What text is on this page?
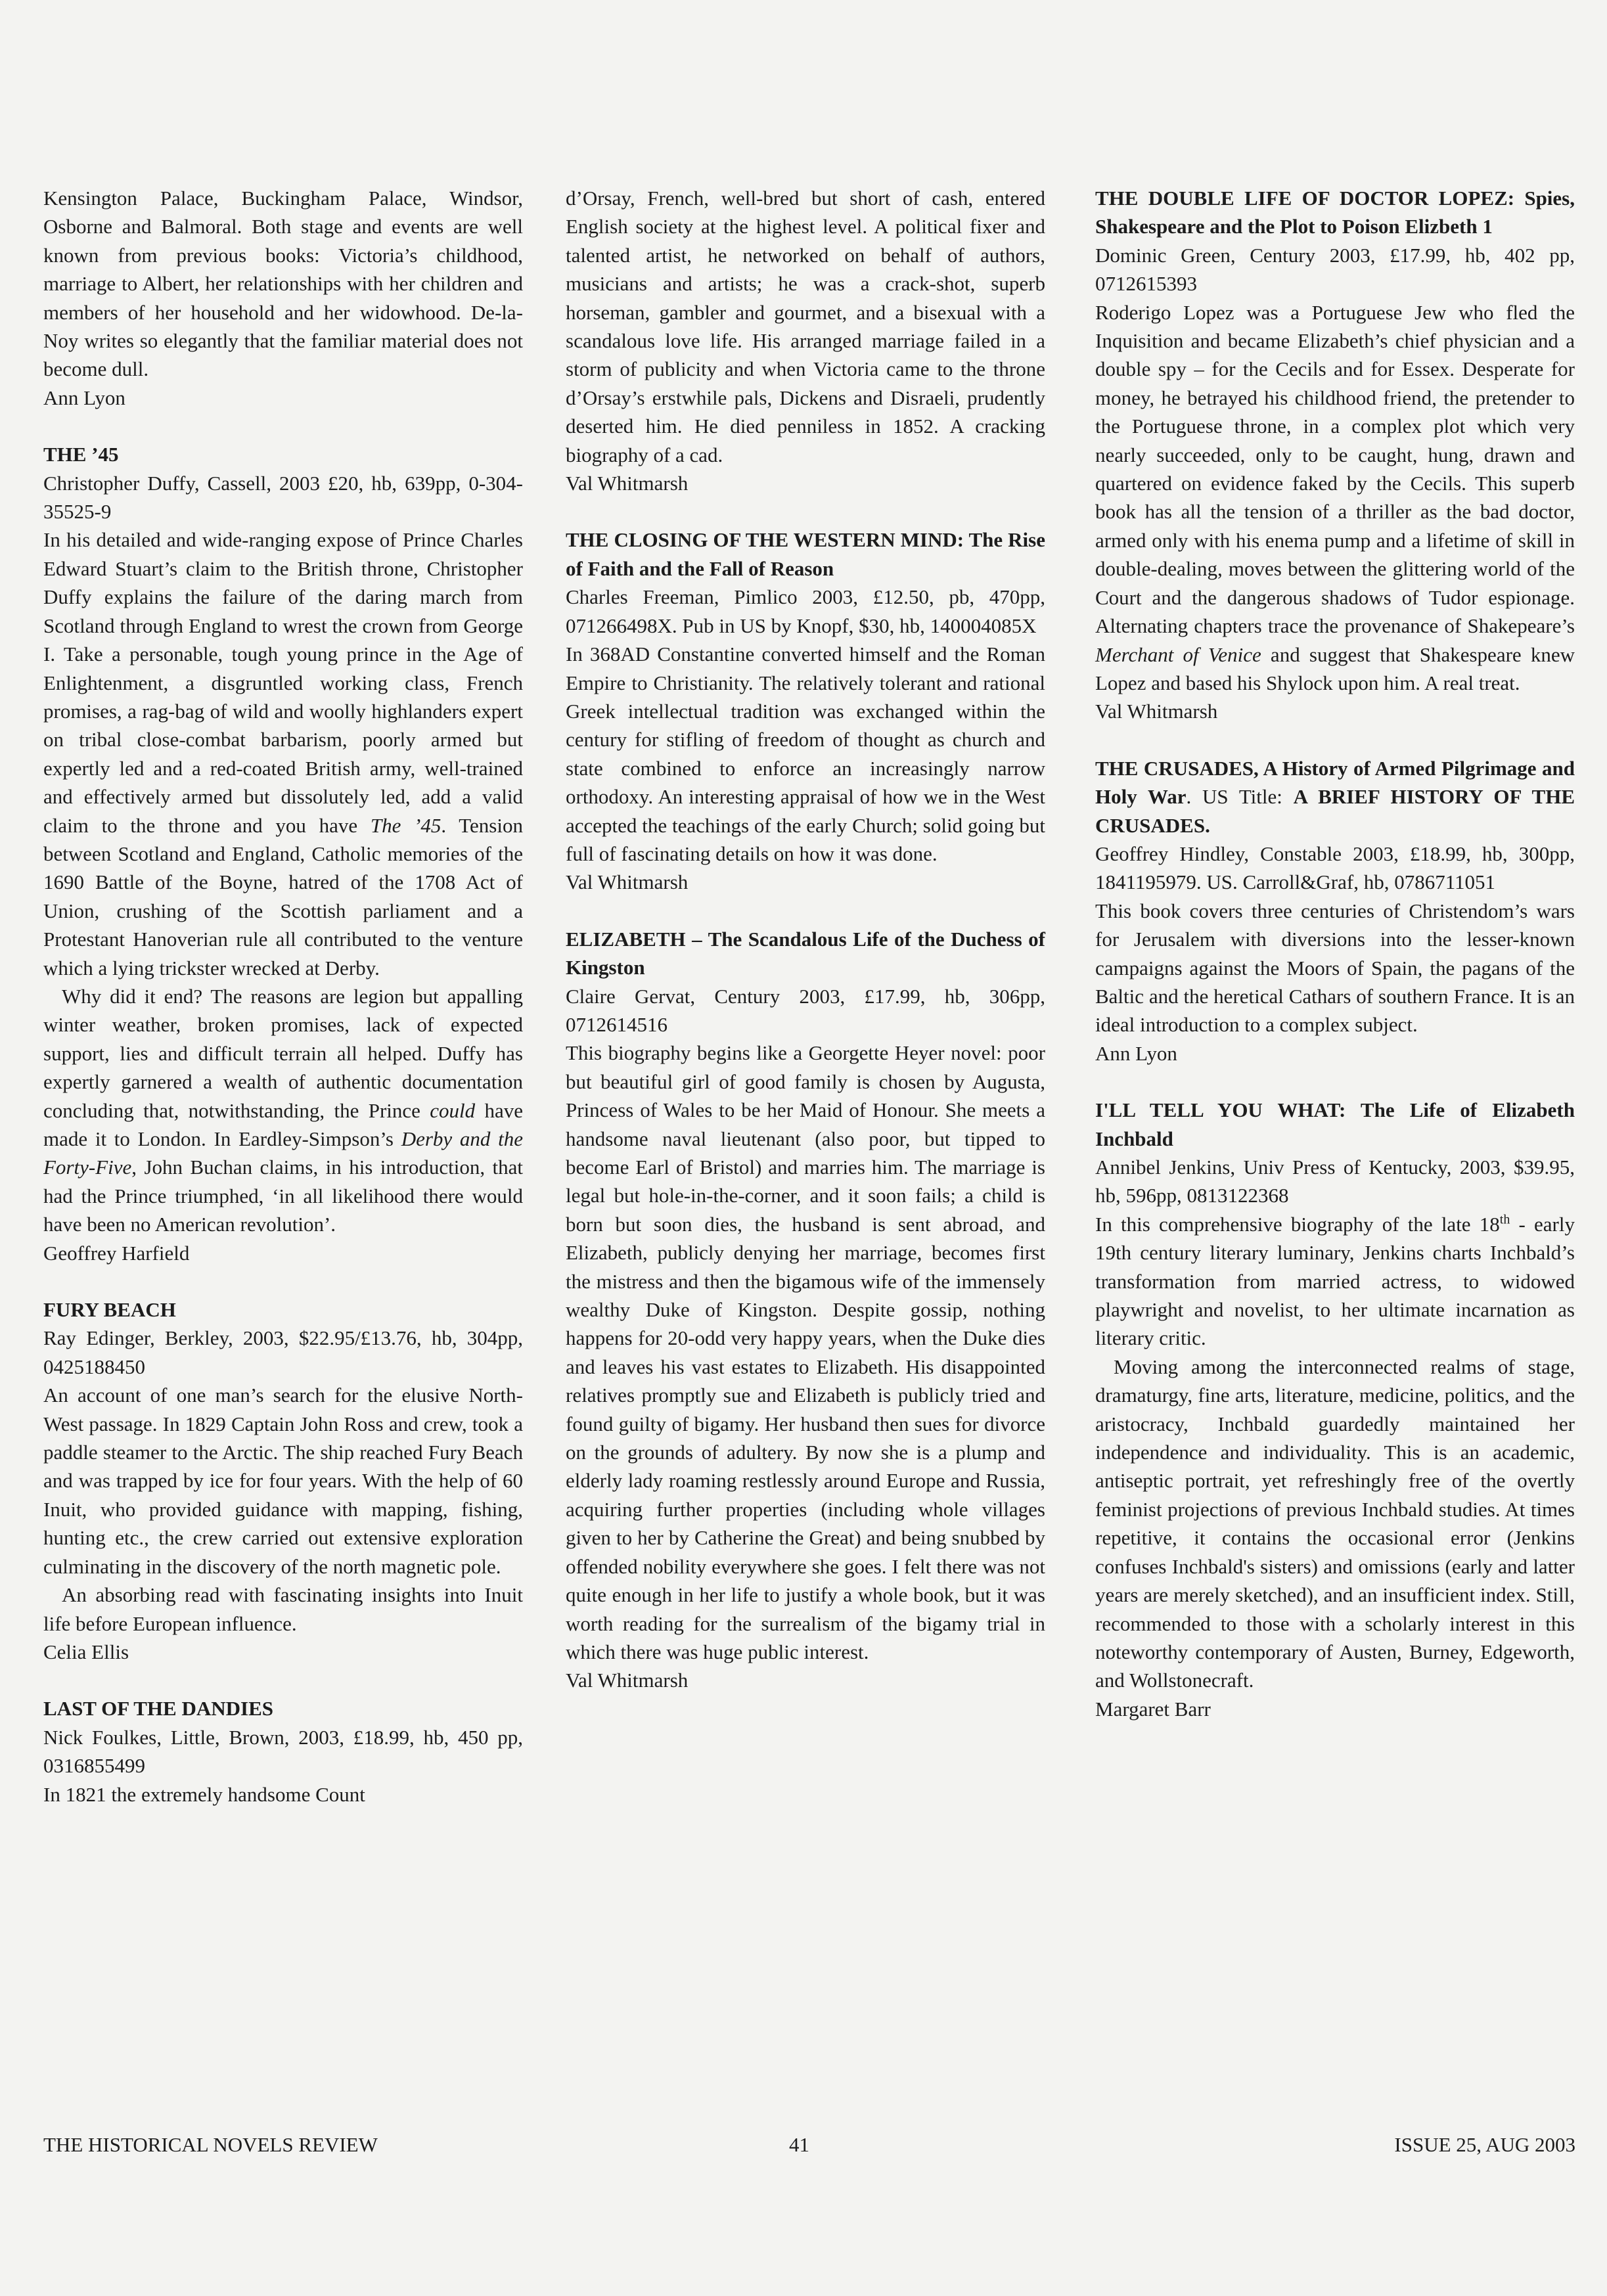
Kensington Palace, Buckingham Palace, Windsor, Osborne and Balmoral. Both stage and events are well known from previous books: Victoria’s childhood, marriage to Albert, her relationships with her children and members of her household and her widowhood. De-la-Noy writes so elegantly that the familiar material does not become dull.

Ann Lyon

THE ’45

Christopher Duffy, Cassell, 2003 £20, hb, 639pp, 0-304-35525-9

In his detailed and wide-ranging expose of Prince Charles Edward Stuart’s claim to the British throne, Christopher Duffy explains the failure of the daring march from Scotland through England to wrest the crown from George I. Take a personable, tough young prince in the Age of Enlightenment, a disgruntled working class, French promises, a rag-bag of wild and woolly highlanders expert on tribal close-combat barbarism, poorly armed but expertly led and a red-coated British army, well-trained and effectively armed but dissolutely led, add a valid claim to the throne and you have The ’45. Tension between Scotland and England, Catholic memories of the 1690 Battle of the Boyne, hatred of the 1708 Act of Union, crushing of the Scottish parliament and a Protestant Hanoverian rule all contributed to the venture which a lying trickster wrecked at Derby.

Why did it end? The reasons are legion but appalling winter weather, broken promises, lack of expected support, lies and difficult terrain all helped. Duffy has expertly garnered a wealth of authentic documentation concluding that, notwithstanding, the Prince could have made it to London. In Eardley-Simpson’s Derby and the Forty-Five, John Buchan claims, in his introduction, that had the Prince triumphed, ‘in all likelihood there would have been no American revolution’.

Geoffrey Harfield

FURY BEACH

Ray Edinger, Berkley, 2003, $22.95/£13.76, hb, 304pp, 0425188450

An account of one man’s search for the elusive North-West passage. In 1829 Captain John Ross and crew, took a paddle steamer to the Arctic. The ship reached Fury Beach and was trapped by ice for four years. With the help of 60 Inuit, who provided guidance with mapping, fishing, hunting etc., the crew carried out extensive exploration culminating in the discovery of the north magnetic pole.

An absorbing read with fascinating insights into Inuit life before European influence.

Celia Ellis

LAST OF THE DANDIES

Nick Foulkes, Little, Brown, 2003, £18.99, hb, 450 pp, 0316855499

In 1821 the extremely handsome Count

d’Orsay, French, well-bred but short of cash, entered English society at the highest level. A political fixer and talented artist, he networked on behalf of authors, musicians and artists; he was a crack-shot, superb horseman, gambler and gourmet, and a bisexual with a scandalous love life. His arranged marriage failed in a storm of publicity and when Victoria came to the throne d’Orsay’s erstwhile pals, Dickens and Disraeli, prudently deserted him. He died penniless in 1852. A cracking biography of a cad.

Val Whitmarsh

THE CLOSING OF THE WESTERN MIND: The Rise of Faith and the Fall of Reason

Charles Freeman, Pimlico 2003, £12.50, pb, 470pp, 071266498X. Pub in US by Knopf, $30, hb, 140004085X

In 368AD Constantine converted himself and the Roman Empire to Christianity. The relatively tolerant and rational Greek intellectual tradition was exchanged within the century for stifling of freedom of thought as church and state combined to enforce an increasingly narrow orthodoxy. An interesting appraisal of how we in the West accepted the teachings of the early Church; solid going but full of fascinating details on how it was done.

Val Whitmarsh

ELIZABETH – The Scandalous Life of the Duchess of Kingston

Claire Gervat, Century 2003, £17.99, hb, 306pp, 0712614516

This biography begins like a Georgette Heyer novel: poor but beautiful girl of good family is chosen by Augusta, Princess of Wales to be her Maid of Honour. She meets a handsome naval lieutenant (also poor, but tipped to become Earl of Bristol) and marries him. The marriage is legal but hole-in-the-corner, and it soon fails; a child is born but soon dies, the husband is sent abroad, and Elizabeth, publicly denying her marriage, becomes first the mistress and then the bigamous wife of the immensely wealthy Duke of Kingston. Despite gossip, nothing happens for 20-odd very happy years, when the Duke dies and leaves his vast estates to Elizabeth. His disappointed relatives promptly sue and Elizabeth is publicly tried and found guilty of bigamy. Her husband then sues for divorce on the grounds of adultery. By now she is a plump and elderly lady roaming restlessly around Europe and Russia, acquiring further properties (including whole villages given to her by Catherine the Great) and being snubbed by offended nobility everywhere she goes. I felt there was not quite enough in her life to justify a whole book, but it was worth reading for the surrealism of the bigamy trial in which there was huge public interest.

Val Whitmarsh

THE DOUBLE LIFE OF DOCTOR LOPEZ: Spies, Shakespeare and the Plot to Poison Elizbeth 1

Dominic Green, Century 2003, £17.99, hb, 402 pp, 0712615393

Roderigo Lopez was a Portuguese Jew who fled the Inquisition and became Elizabeth’s chief physician and a double spy – for the Cecils and for Essex. Desperate for money, he betrayed his childhood friend, the pretender to the Portuguese throne, in a complex plot which very nearly succeeded, only to be caught, hung, drawn and quartered on evidence faked by the Cecils. This superb book has all the tension of a thriller as the bad doctor, armed only with his enema pump and a lifetime of skill in double-dealing, moves between the glittering world of the Court and the dangerous shadows of Tudor espionage. Alternating chapters trace the provenance of Shakepeare’s Merchant of Venice and suggest that Shakespeare knew Lopez and based his Shylock upon him. A real treat.

Val Whitmarsh

THE CRUSADES, A History of Armed Pilgrimage and Holy War. US Title: A BRIEF HISTORY OF THE CRUSADES.

Geoffrey Hindley, Constable 2003, £18.99, hb, 300pp, 1841195979. US. Carroll&Graf, hb, 0786711051

This book covers three centuries of Christendom’s wars for Jerusalem with diversions into the lesser-known campaigns against the Moors of Spain, the pagans of the Baltic and the heretical Cathars of southern France. It is an ideal introduction to a complex subject.

Ann Lyon

I'LL TELL YOU WHAT: The Life of Elizabeth Inchbald

Annibel Jenkins, Univ Press of Kentucky, 2003, $39.95, hb, 596pp, 0813122368

In this comprehensive biography of the late 18th - early 19th century literary luminary, Jenkins charts Inchbald’s transformation from married actress, to widowed playwright and novelist, to her ultimate incarnation as literary critic.

Moving among the interconnected realms of stage, dramaturgy, fine arts, literature, medicine, politics, and the aristocracy, Inchbald guardedly maintained her independence and individuality. This is an academic, antiseptic portrait, yet refreshingly free of the overtly feminist projections of previous Inchbald studies. At times repetitive, it contains the occasional error (Jenkins confuses Inchbald's sisters) and omissions (early and latter years are merely sketched), and an insufficient index. Still, recommended to those with a scholarly interest in this noteworthy contemporary of Austen, Burney, Edgeworth, and Wollstonecraft.

Margaret Barr

THE HISTORICAL NOVELS REVIEW	41	ISSUE 25, AUG 2003
